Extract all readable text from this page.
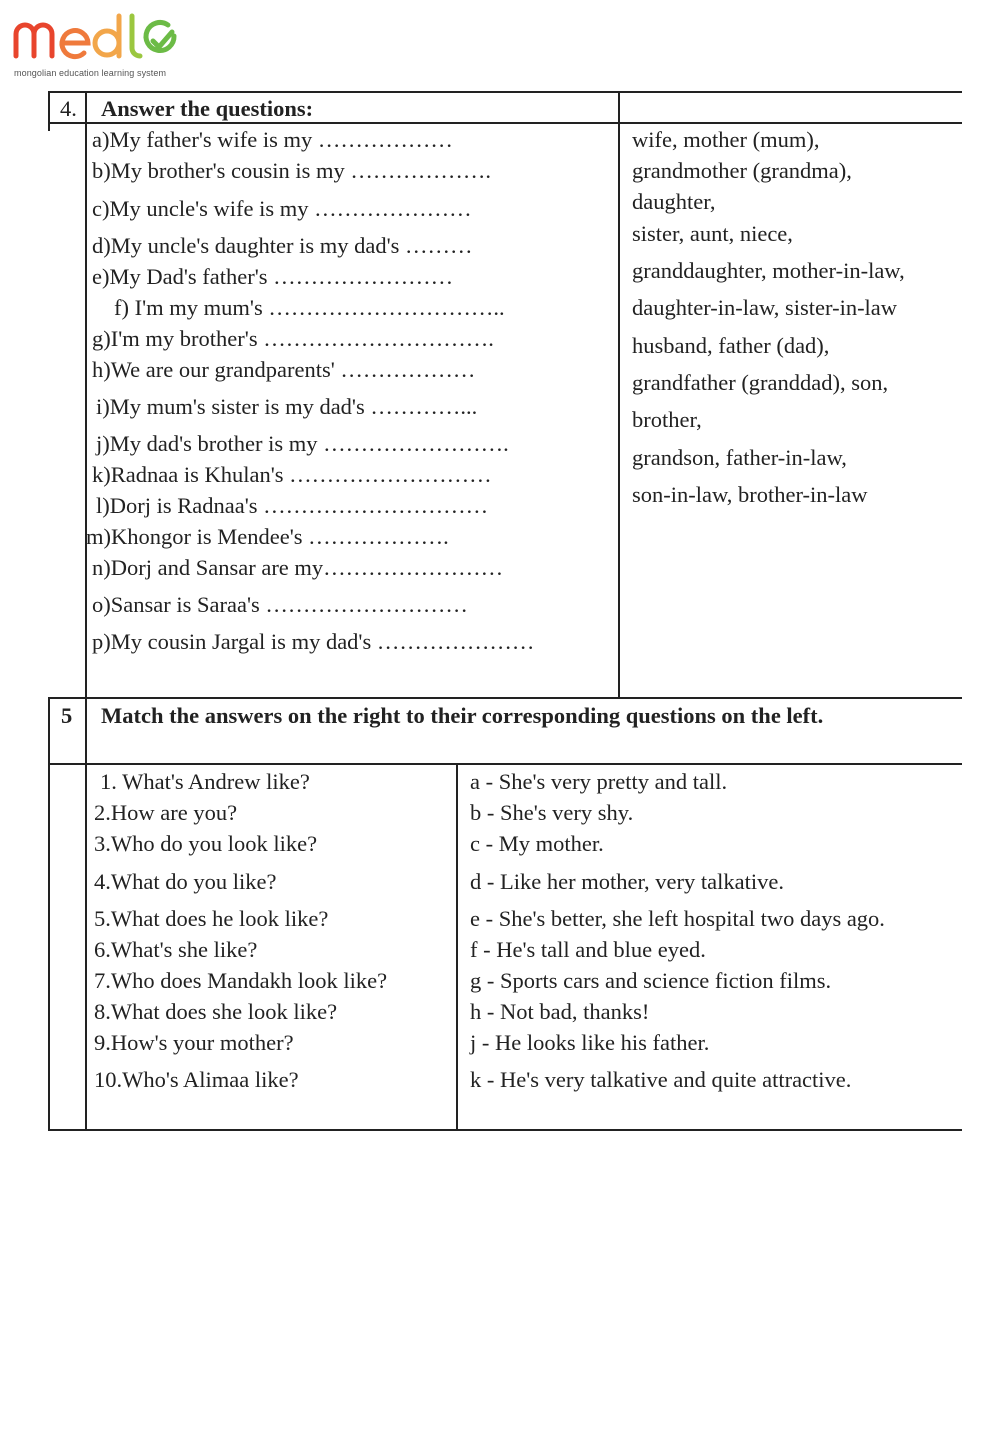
mongolian education learning system
4. Answer the questions:
a)My father's wife is my ………………
b)My brother's cousin is my ……………….
c)My uncle's wife is my …………………
d)My uncle's daughter is my dad's ………
e)My Dad's father's ……………………
f) I'm my mum's …………………………..
g)I'm my brother's ………………………….
h)We are our grandparents' ………………
i)My mum's sister is my dad's …………...
j)My dad's brother is my …………………….
k)Radnaa is Khulan's ………………………
l)Dorj is Radnaa's …………………………
m)Khongor is Mendee's ……………….
n)Dorj and Sansar are my……………………
o)Sansar is Saraa's ………………………
p)My cousin Jargal is my dad's …………………
wife, mother (mum),
grandmother (grandma),
daughter,
sister, aunt, niece,
granddaughter, mother-in-law,
daughter-in-law, sister-in-law
husband, father (dad),
grandfather (granddad), son,
brother,
grandson, father-in-law,
son-in-law, brother-in-law
5 Match the answers on the right to their corresponding questions on the left.
1. What's Andrew like?
2.How are you?
3.Who do you look like?
4.What do you like?
5.What does he look like?
6.What's she like?
7.Who does Mandakh look like?
8.What does she look like?
9.How's your mother?
10.Who's Alimaa like?
a - She's very pretty and tall.
b - She's very shy.
c - My mother.
d - Like her mother, very talkative.
e - She's better, she left hospital two days ago.
f - He's tall and blue eyed.
g - Sports cars and science fiction films.
h - Not bad, thanks!
j - He looks like his father.
k - He's very talkative and quite attractive.
